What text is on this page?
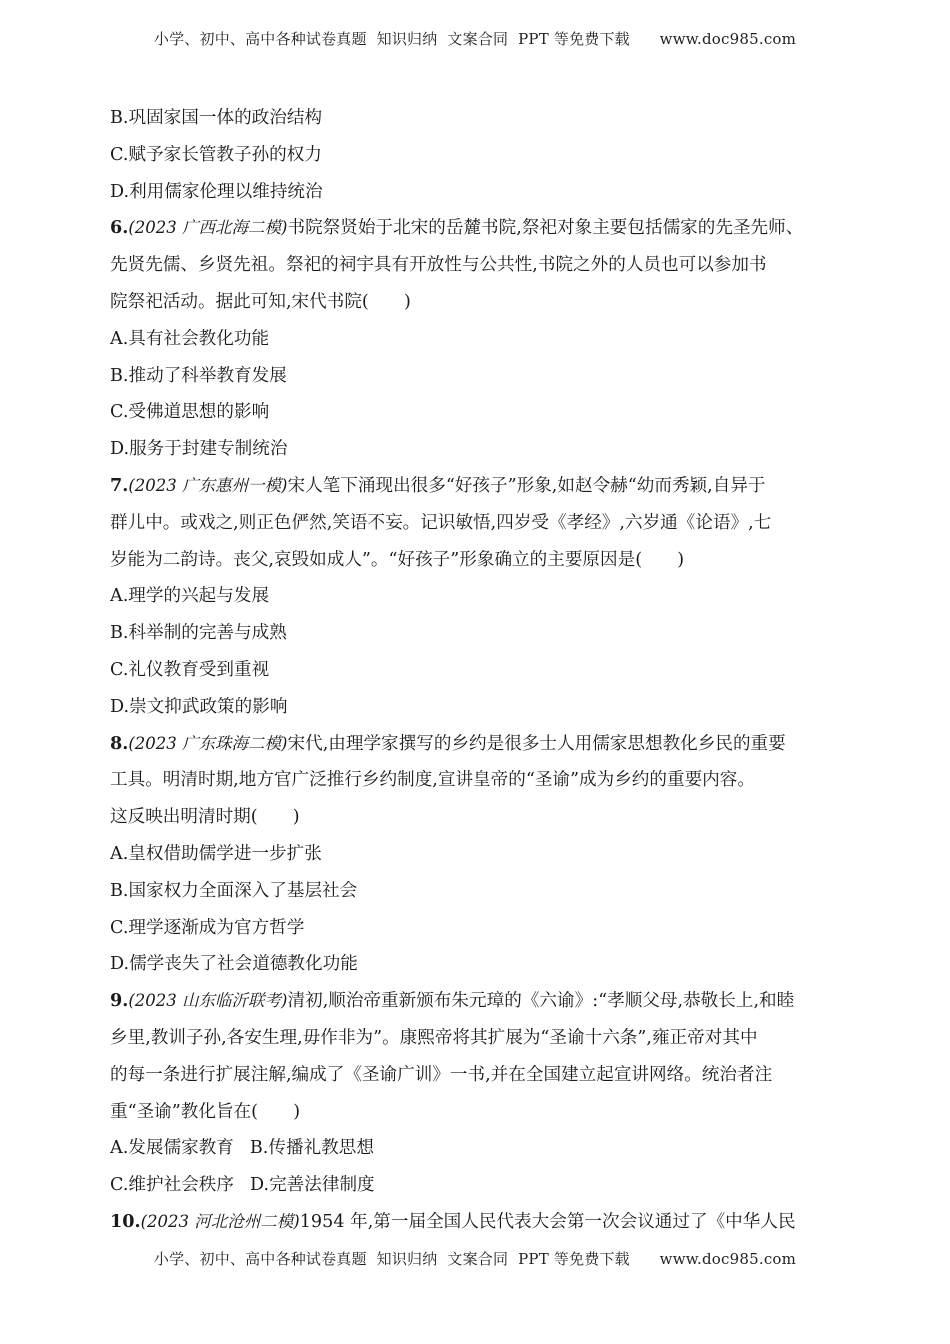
小学、初中、高中各种试卷真题  知识归纳  文案合同  PPT 等免费下载      www.doc985.com
B.巩固家国一体的政治结构
C.赋予家长管教子孙的权力
D.利用儒家伦理以维持统治
6.(2023 广西北海二模)书院祭贤始于北宋的岳麓书院,祭祀对象主要包括儒家的先圣先师、
先贤先儒、乡贤先祖。祭祀的祠宇具有开放性与公共性,书院之外的人员也可以参加书
院祭祀活动。据此可知,宋代书院(　　)
A.具有社会教化功能
B.推动了科举教育发展
C.受佛道思想的影响
D.服务于封建专制统治
7.(2023 广东惠州一模)宋人笔下涌现出很多“好孩子”形象,如赵令赫“幼而秀颖,自异于
群儿中。或戏之,则正色俨然,笑语不妄。记识敏悟,四岁受《孝经》,六岁通《论语》,七
岁能为二韵诗。丧父,哀毁如成人”。“好孩子”形象确立的主要原因是(　　)
A.理学的兴起与发展
B.科举制的完善与成熟
C.礼仪教育受到重视
D.崇文抑武政策的影响
8.(2023 广东珠海二模)宋代,由理学家撰写的乡约是很多士人用儒家思想教化乡民的重要
工具。明清时期,地方官广泛推行乡约制度,宣讲皇帝的“圣谕”成为乡约的重要内容。
这反映出明清时期(　　)
A.皇权借助儒学进一步扩张
B.国家权力全面深入了基层社会
C.理学逐渐成为官方哲学
D.儒学丧失了社会道德教化功能
9.(2023 山东临沂联考)清初,顺治帝重新颁布朱元璋的《六谕》:“孝顺父母,恭敬长上,和睦
乡里,教训子孙,各安生理,毋作非为”。康熙帝将其扩展为“圣谕十六条”,雍正帝对其中
的每一条进行扩展注解,编成了《圣谕广训》一书,并在全国建立起宣讲网络。统治者注
重“圣谕”教化旨在(　　)
A.发展儒家教育 B.传播礼教思想
C.维护社会秩序 D.完善法律制度
10.(2023 河北沧州二模)1954 年,第一届全国人民代表大会第一次会议通过了《中华人民
小学、初中、高中各种试卷真题  知识归纳  文案合同  PPT 等免费下载      www.doc985.com
